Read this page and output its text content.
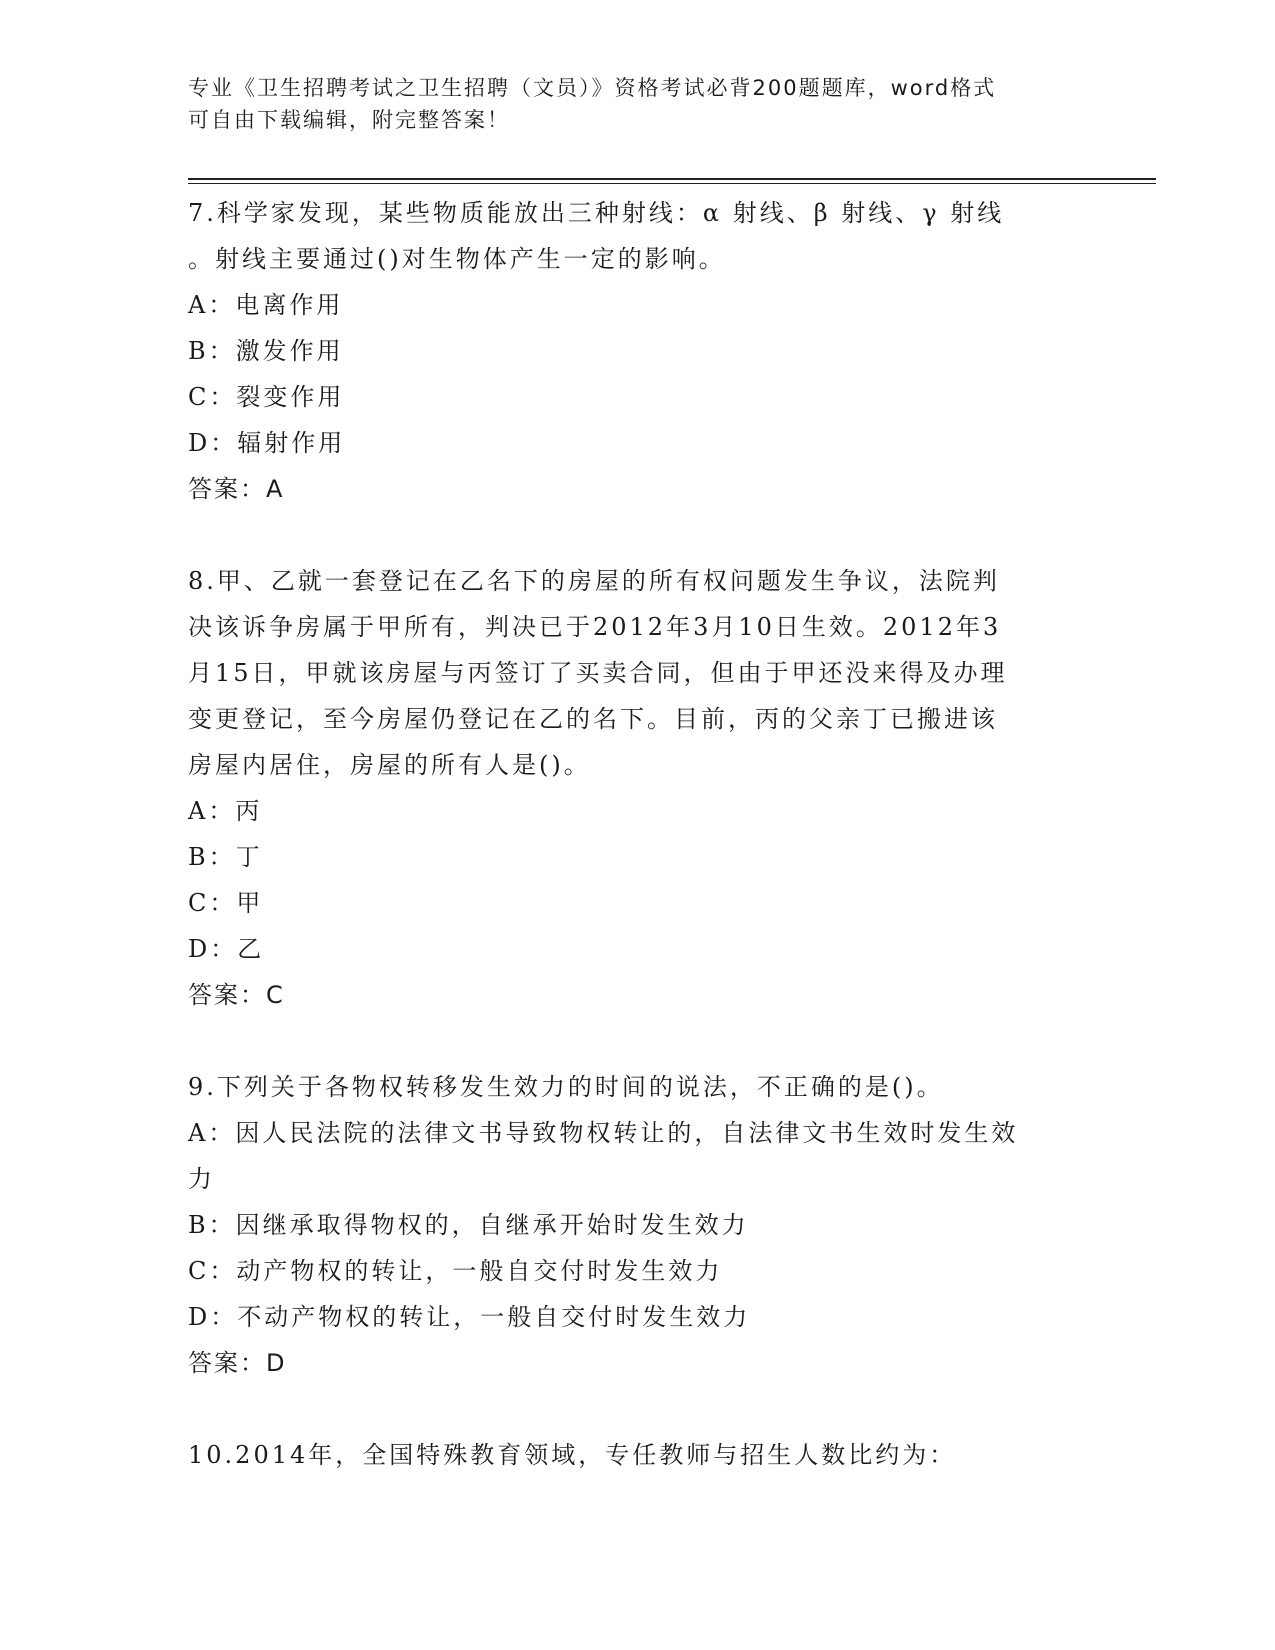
专业《卫生招聘考试之卫生招聘（文员）》资格考试必背200题题库，word格式
可自由下载编辑，附完整答案！
7.科学家发现，某些物质能放出三种射线：α 射线、β 射线、γ 射线
。射线主要通过()对生物体产生一定的影响。
A：电离作用
B：激发作用
C：裂变作用
D：辐射作用
答案：A
8.甲、乙就一套登记在乙名下的房屋的所有权问题发生争议，法院判
决该诉争房属于甲所有，判决已于2012年3月10日生效。2012年3
月15日，甲就该房屋与丙签订了买卖合同，但由于甲还没来得及办理
变更登记，至今房屋仍登记在乙的名下。目前，丙的父亲丁已搬进该
房屋内居住，房屋的所有人是()。
A：丙
B：丁
C：甲
D：乙
答案：C
9.下列关于各物权转移发生效力的时间的说法，不正确的是()。
A：因人民法院的法律文书导致物权转让的，自法律文书生效时发生效
力
B：因继承取得物权的，自继承开始时发生效力
C：动产物权的转让，一般自交付时发生效力
D：不动产物权的转让，一般自交付时发生效力
答案：D
10.2014年，全国特殊教育领域，专任教师与招生人数比约为：
